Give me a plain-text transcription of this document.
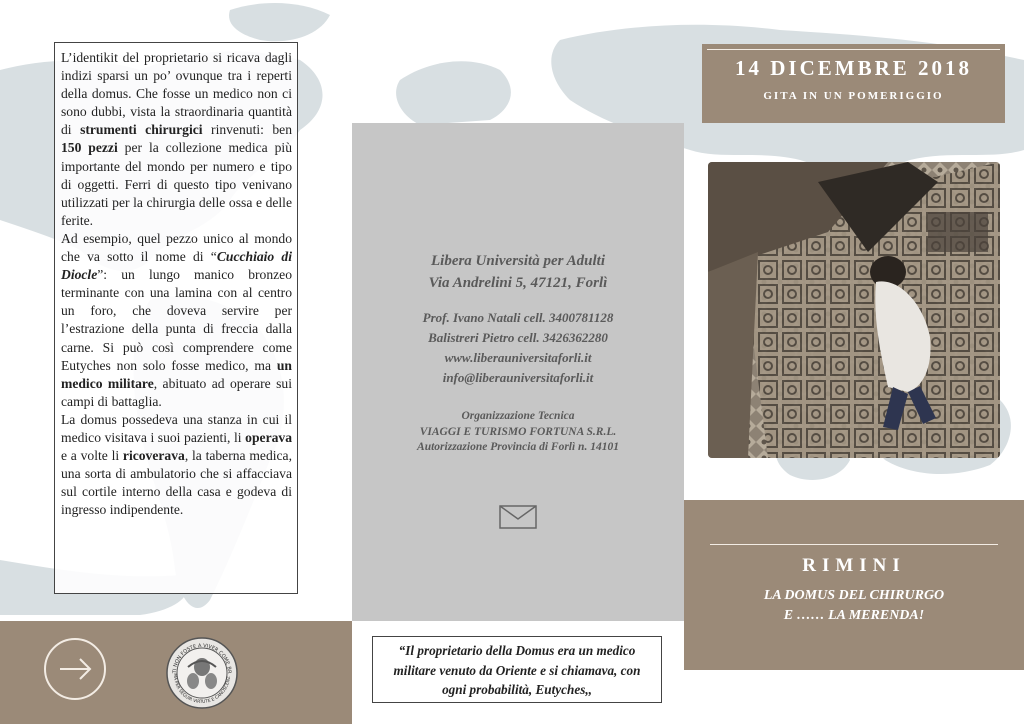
L’identikit del proprietario si ricava dagli indizi sparsi un po’ ovunque tra i reperti della domus. Che fosse un medico non ci sono dubbi, vista la straordinaria quantità di strumenti chirurgici rinvenuti: ben 150 pezzi per la collezione medica più importante del mondo per numero e tipo di oggetti. Ferri di questo tipo venivano utilizzati per la chirurgia delle ossa e delle ferite.

Ad esempio, quel pezzo unico al mondo che va sotto il nome di “Cucchiaio di Diocle”: un lungo manico bronzeo terminante con una lamina con al centro un foro, che doveva servire per l’estrazione della punta di freccia dalla carne. Si può così comprendere come Eutyches non solo fosse medico, ma un medico militare, abituato ad operare sui campi di battaglia.

La domus possedeva una stanza in cui il medico visitava i suoi pazienti, li operava e a volte li ricoverava, la taberna medica, una sorta di ambulatorio che si affacciava sul cortile interno della casa e godeva di ingresso indipendente.

TI NON FOSTE A VIVER COME BR
MA PER SEGUIR VIRTUTE E CANOSCENZ
Libera Università per Adulti
Via Andrelini 5, 47121, Forlì
Prof. Ivano Natali cell. 3400781128
Balistreri Pietro cell. 3426362280
www.liberauniversitaforli.it
info@liberauniversitaforli.it
Organizzazione Tecnica
VIAGGI E TURISMO FORTUNA S.R.L.
Autorizzazione Provincia di Forlì n. 14101
“Il proprietario della Domus era un medico militare venuto da Oriente e si chiamava, con ogni probabilità, Eutyches,,
14 DICEMBRE 2018
GITA IN UN POMERIGGIO
RIMINI
LA DOMUS DEL CHIRURGO
E …… LA MERENDA!
